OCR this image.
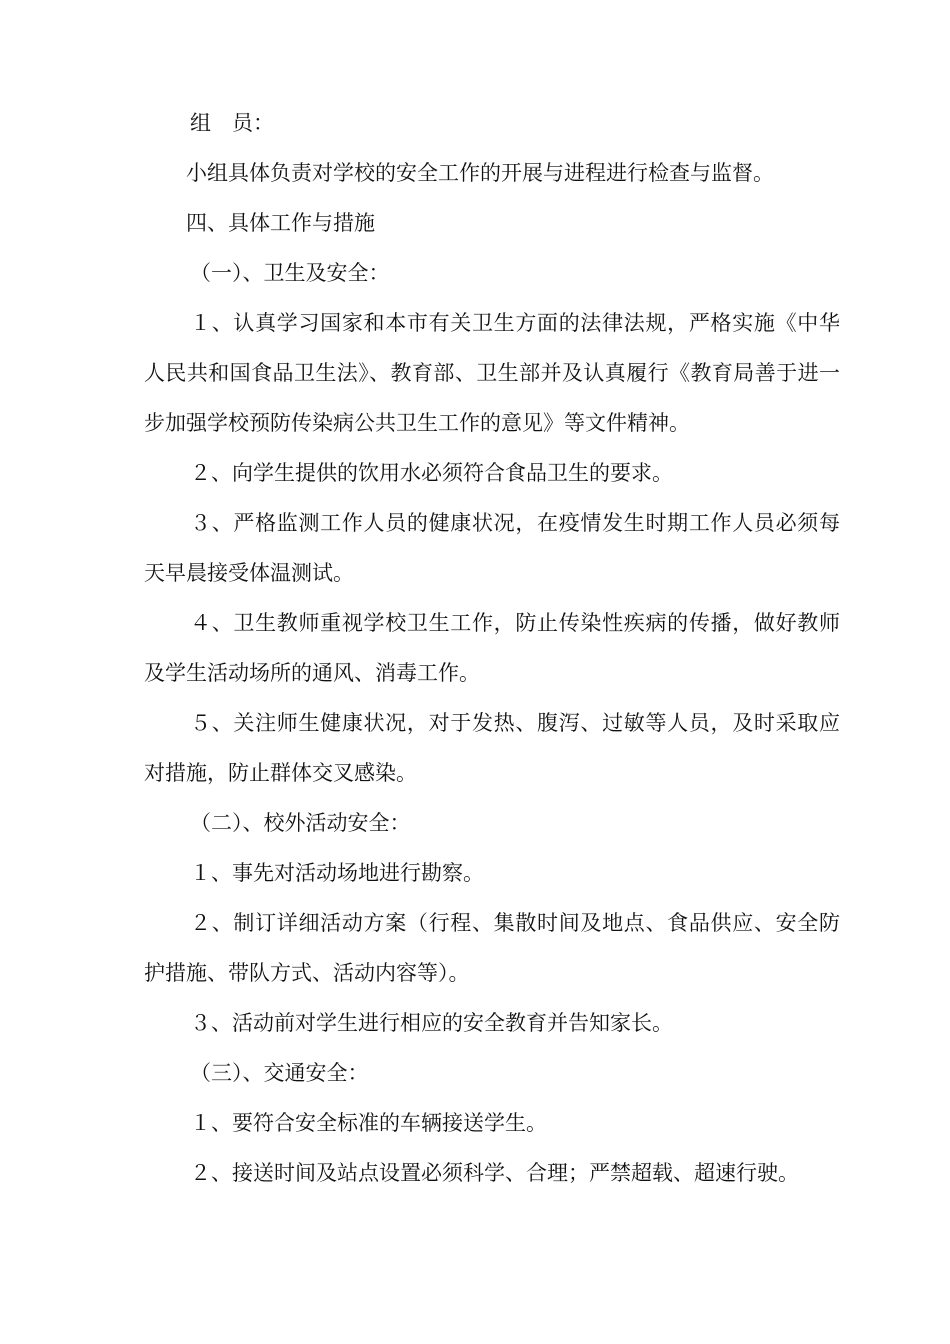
组　员：

小组具体负责对学校的安全工作的开展与进程进行检查与监督。

四、具体工作与措施

（一）、卫生及安全：

１、认真学习国家和本市有关卫生方面的法律法规，严格实施《中华人民共和国食品卫生法》、教育部、卫生部并及认真履行《教育局善于进一步加强学校预防传染病公共卫生工作的意见》等文件精神。

２、向学生提供的饮用水必须符合食品卫生的要求。

３、严格监测工作人员的健康状况，在疫情发生时期工作人员必须每天早晨接受体温测试。

４、卫生教师重视学校卫生工作，防止传染性疾病的传播，做好教师及学生活动场所的通风、消毒工作。

５、关注师生健康状况，对于发热、腹泻、过敏等人员，及时采取应对措施，防止群体交叉感染。

（二）、校外活动安全：

１、事先对活动场地进行勘察。

２、制订详细活动方案（行程、集散时间及地点、食品供应、安全防护措施、带队方式、活动内容等）。

３、活动前对学生进行相应的安全教育并告知家长。

（三）、交通安全：

１、要符合安全标准的车辆接送学生。

２、接送时间及站点设置必须科学、合理；严禁超载、超速行驶。
